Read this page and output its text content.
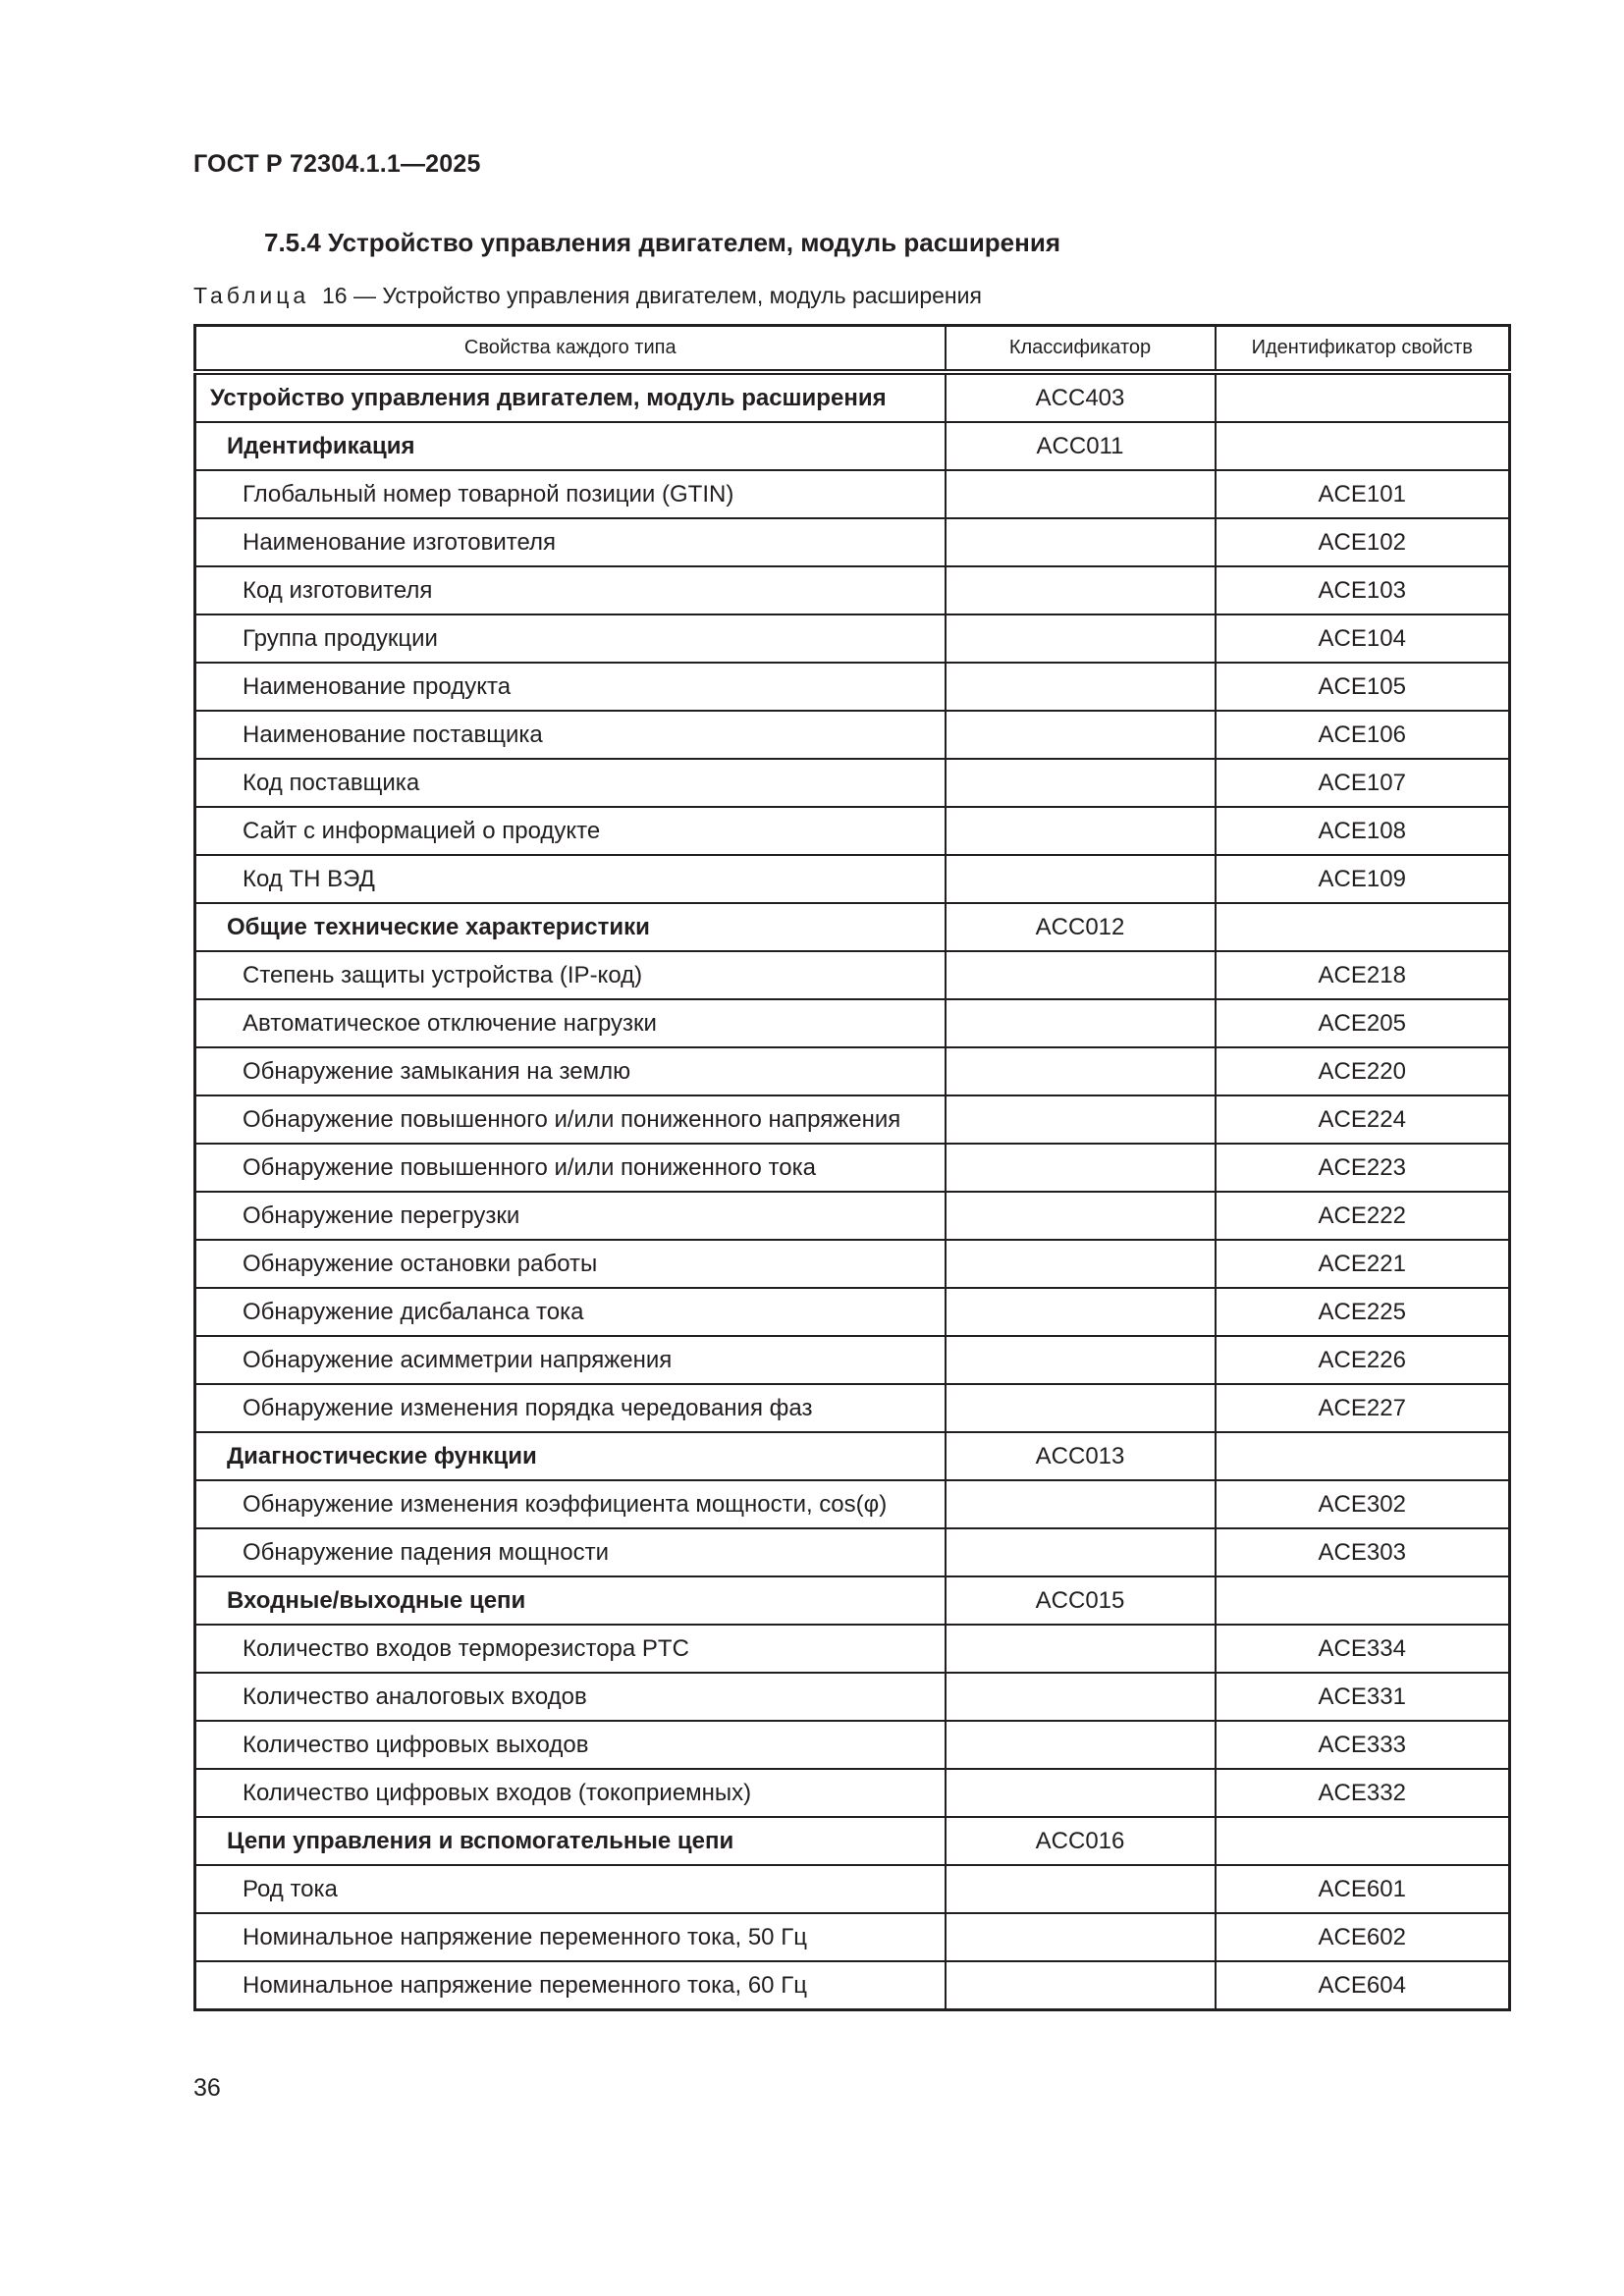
ГОСТ Р 72304.1.1—2025
7.5.4 Устройство управления двигателем, модуль расширения
Таблица 16 — Устройство управления двигателем, модуль расширения
Свойства каждого типа	Классификатор	Идентификатор свойств
Устройство управления двигателем, модуль расширения	ACC403	
Идентификация	ACC011	
Глобальный номер товарной позиции (GTIN)		ACE101
Наименование изготовителя		ACE102
Код изготовителя		ACE103
Группа продукции		ACE104
Наименование продукта		ACE105
Наименование поставщика		ACE106
Код поставщика		ACE107
Сайт с информацией о продукте		ACE108
Код ТН ВЭД		ACE109
Общие технические характеристики	ACC012	
Степень защиты устройства (IP-код)		ACE218
Автоматическое отключение нагрузки		ACE205
Обнаружение замыкания на землю		ACE220
Обнаружение повышенного и/или пониженного напряжения		ACE224
Обнаружение повышенного и/или пониженного тока		ACE223
Обнаружение перегрузки		ACE222
Обнаружение остановки работы		ACE221
Обнаружение дисбаланса тока		ACE225
Обнаружение асимметрии напряжения		ACE226
Обнаружение изменения порядка чередования фаз		ACE227
Диагностические функции	ACC013	
Обнаружение изменения коэффициента мощности, cos(φ)		ACE302
Обнаружение падения мощности		ACE303
Входные/выходные цепи	ACC015	
Количество входов терморезистора PTC		ACE334
Количество аналоговых входов		ACE331
Количество цифровых выходов		ACE333
Количество цифровых входов (токоприемных)		ACE332
Цепи управления и вспомогательные цепи	ACC016	
Род тока		ACE601
Номинальное напряжение переменного тока, 50 Гц		ACE602
Номинальное напряжение переменного тока, 60 Гц		ACE604
36
